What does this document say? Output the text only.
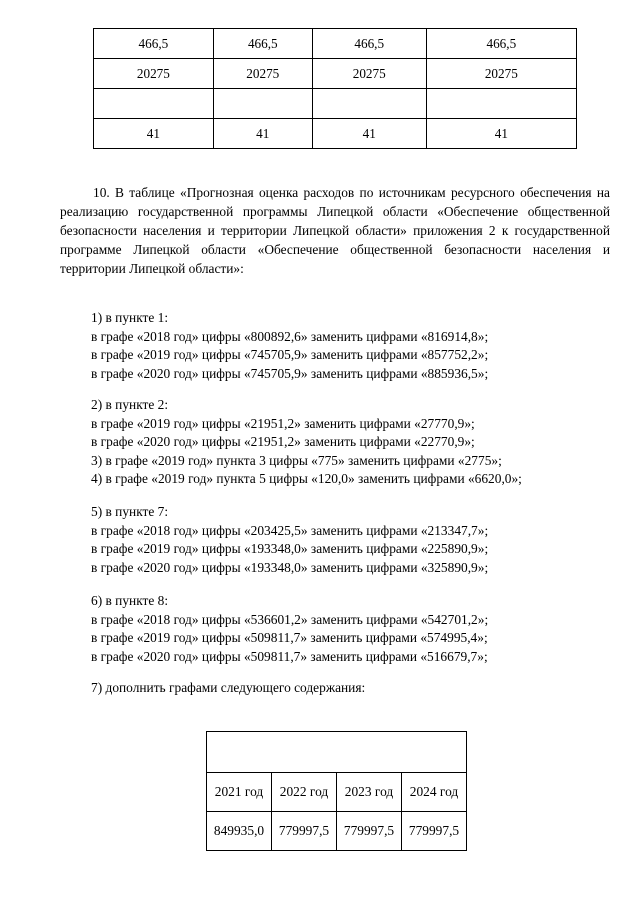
466,5	466,5	466,5	466,5
20275	20275	20275	20275

41	41	41	41
10. В таблице «Прогнозная оценка расходов по источникам ресурсного обеспечения на реализацию государственной программы Липецкой области «Обеспечение общественной безопасности населения и территории Липецкой области» приложения 2 к государственной программе Липецкой области «Обеспечение общественной безопасности населения и территории Липецкой области»:
1) в пункте 1:
в графе «2018 год» цифры «800892,6» заменить цифрами «816914,8»;
в графе «2019 год» цифры «745705,9» заменить цифрами «857752,2»;
в графе «2020 год» цифры «745705,9» заменить цифрами «885936,5»;
2) в пункте 2:
в графе «2019 год» цифры «21951,2» заменить цифрами «27770,9»;
в графе «2020 год» цифры «21951,2» заменить цифрами «22770,9»;
3) в графе «2019 год» пункта 3 цифры «775» заменить цифрами «2775»;
4) в графе «2019 год» пункта 5 цифры «120,0» заменить цифрами «6620,0»;
5) в пункте 7:
в графе «2018 год» цифры «203425,5» заменить цифрами «213347,7»;
в графе «2019 год» цифры «193348,0» заменить цифрами «225890,9»;
в графе «2020 год» цифры «193348,0» заменить цифрами «325890,9»;
6) в пункте 8:
в графе «2018 год» цифры «536601,2» заменить цифрами «542701,2»;
в графе «2019 год» цифры «509811,7» заменить цифрами «574995,4»;
в графе «2020 год» цифры «509811,7» заменить цифрами «516679,7»;
7) дополнить графами следующего содержания:

2021 год	2022 год	2023 год	2024 год
849935,0	779997,5	779997,5	779997,5
